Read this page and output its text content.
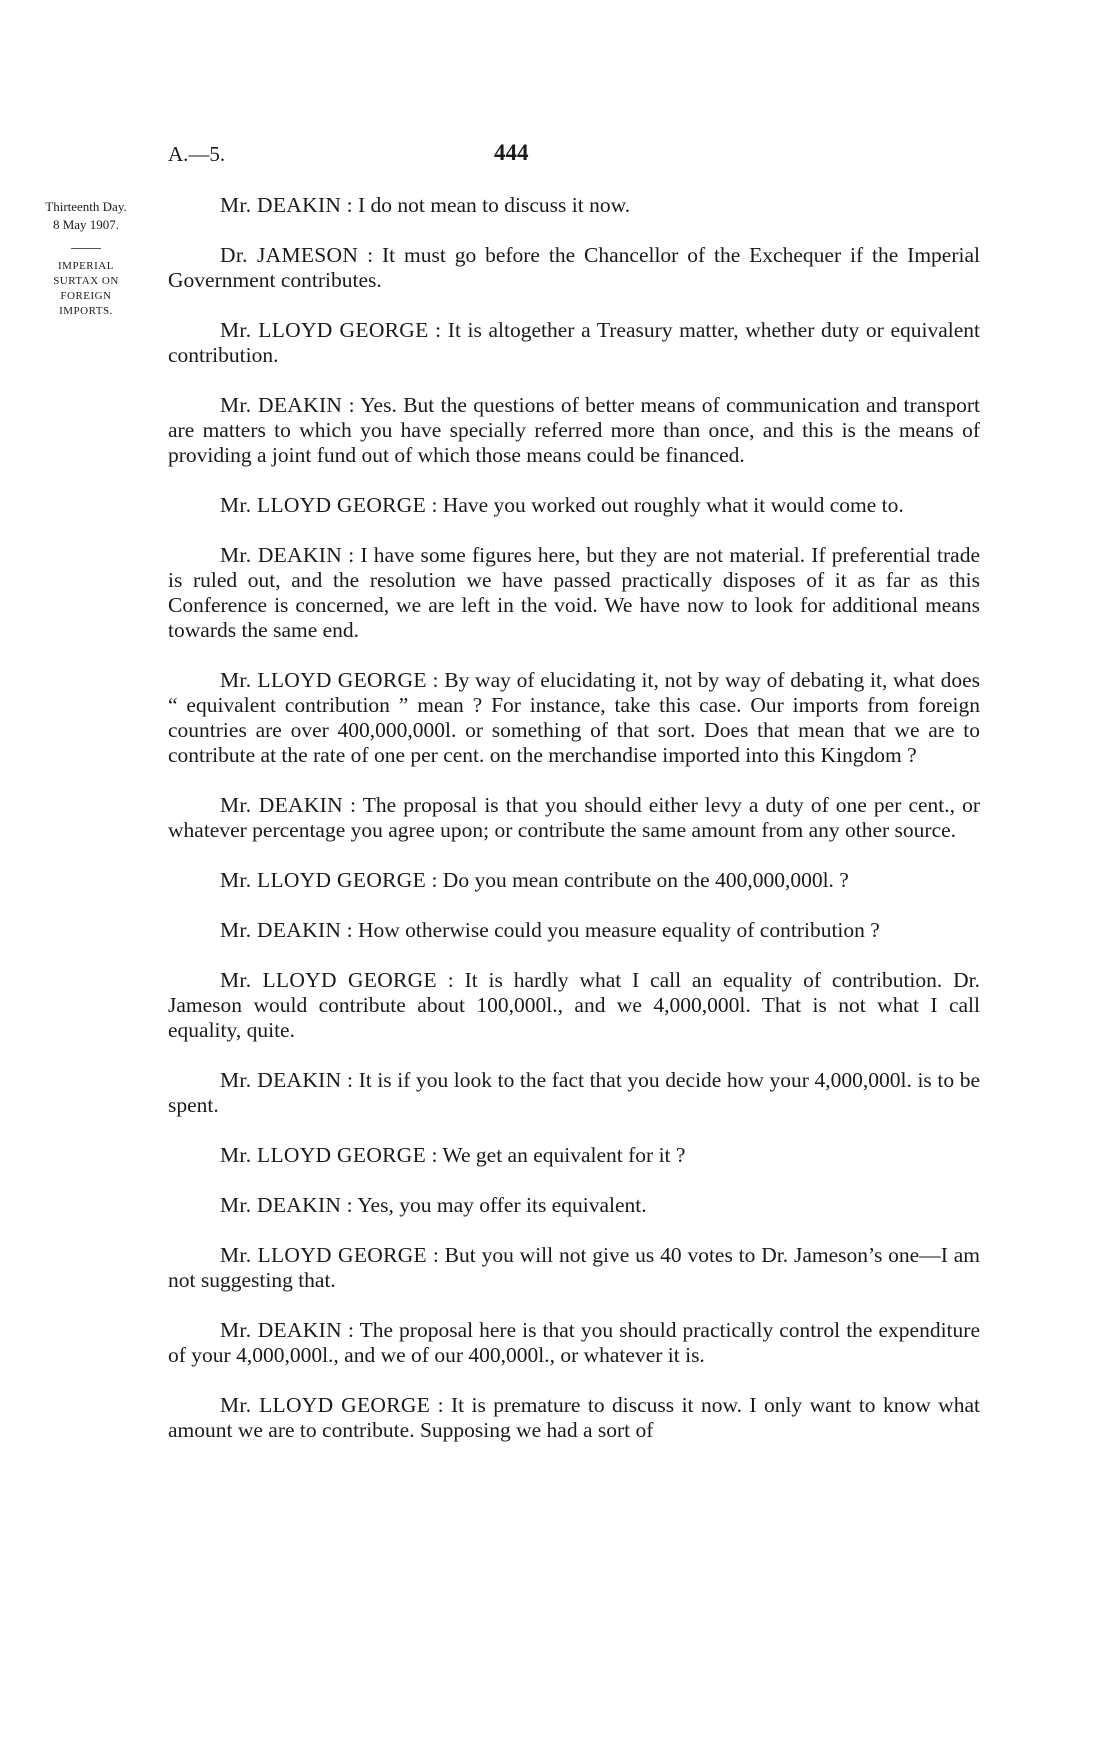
A.—5.	444
Thirteenth Day.
8 May 1907.
IMPERIAL
SURTAX ON
FOREIGN
IMPORTS.

Mr. DEAKIN : I do not mean to discuss it now.

Dr. JAMESON : It must go before the Chancellor of the Exchequer if the Imperial Government contributes.

Mr. LLOYD GEORGE : It is altogether a Treasury matter, whether duty or equivalent contribution.

Mr. DEAKIN : Yes. But the questions of better means of communication and transport are matters to which you have specially referred more than once, and this is the means of providing a joint fund out of which those means could be financed.

Mr. LLOYD GEORGE : Have you worked out roughly what it would come to.

Mr. DEAKIN : I have some figures here, but they are not material. If preferential trade is ruled out, and the resolution we have passed practically disposes of it as far as this Conference is concerned, we are left in the void. We have now to look for additional means towards the same end.

Mr. LLOYD GEORGE : By way of elucidating it, not by way of debating it, what does “ equivalent contribution ” mean ? For instance, take this case. Our imports from foreign countries are over 400,000,000l. or something of that sort. Does that mean that we are to contribute at the rate of one per cent. on the merchandise imported into this Kingdom ?

Mr. DEAKIN : The proposal is that you should either levy a duty of one per cent., or whatever percentage you agree upon; or contribute the same amount from any other source.

Mr. LLOYD GEORGE : Do you mean contribute on the 400,000,000l. ?

Mr. DEAKIN : How otherwise could you measure equality of contribution ?

Mr. LLOYD GEORGE : It is hardly what I call an equality of contribution. Dr. Jameson would contribute about 100,000l., and we 4,000,000l. That is not what I call equality, quite.

Mr. DEAKIN : It is if you look to the fact that you decide how your 4,000,000l. is to be spent.

Mr. LLOYD GEORGE : We get an equivalent for it ?

Mr. DEAKIN : Yes, you may offer its equivalent.

Mr. LLOYD GEORGE : But you will not give us 40 votes to Dr. Jameson’s one—I am not suggesting that.

Mr. DEAKIN : The proposal here is that you should practically control the expenditure of your 4,000,000l., and we of our 400,000l., or whatever it is.

Mr. LLOYD GEORGE : It is premature to discuss it now. I only want to know what amount we are to contribute. Supposing we had a sort of
